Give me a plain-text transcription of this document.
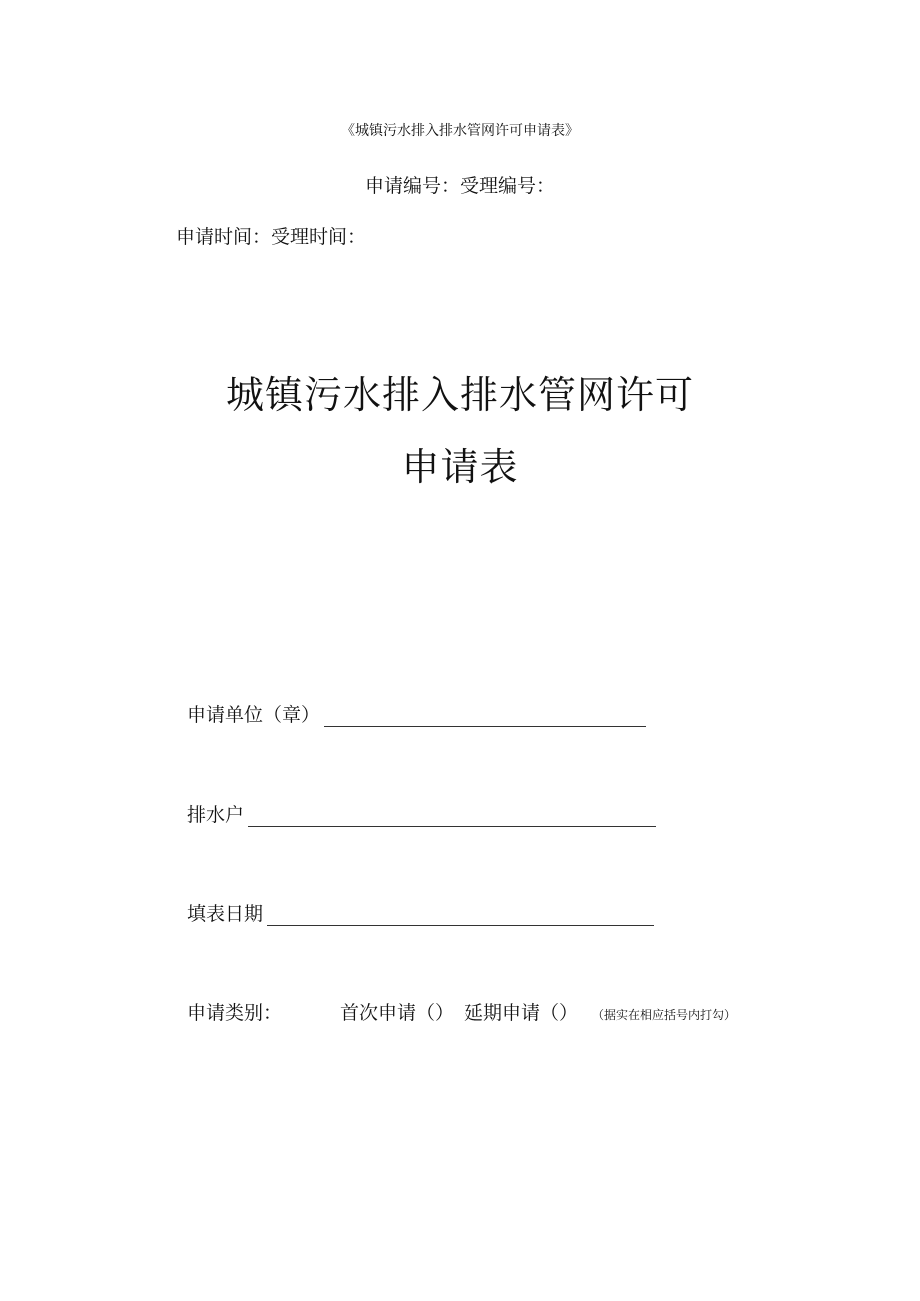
《城镇污水排入排水管网许可申请表》
申请编号：受理编号：
申请时间：受理时间：
城镇污水排入排水管网许可
申请表
申请单位（章）
排水户
填表日期
申请类别：	首次申请（） 延期申请（） （据实在相应括号内打勾）
